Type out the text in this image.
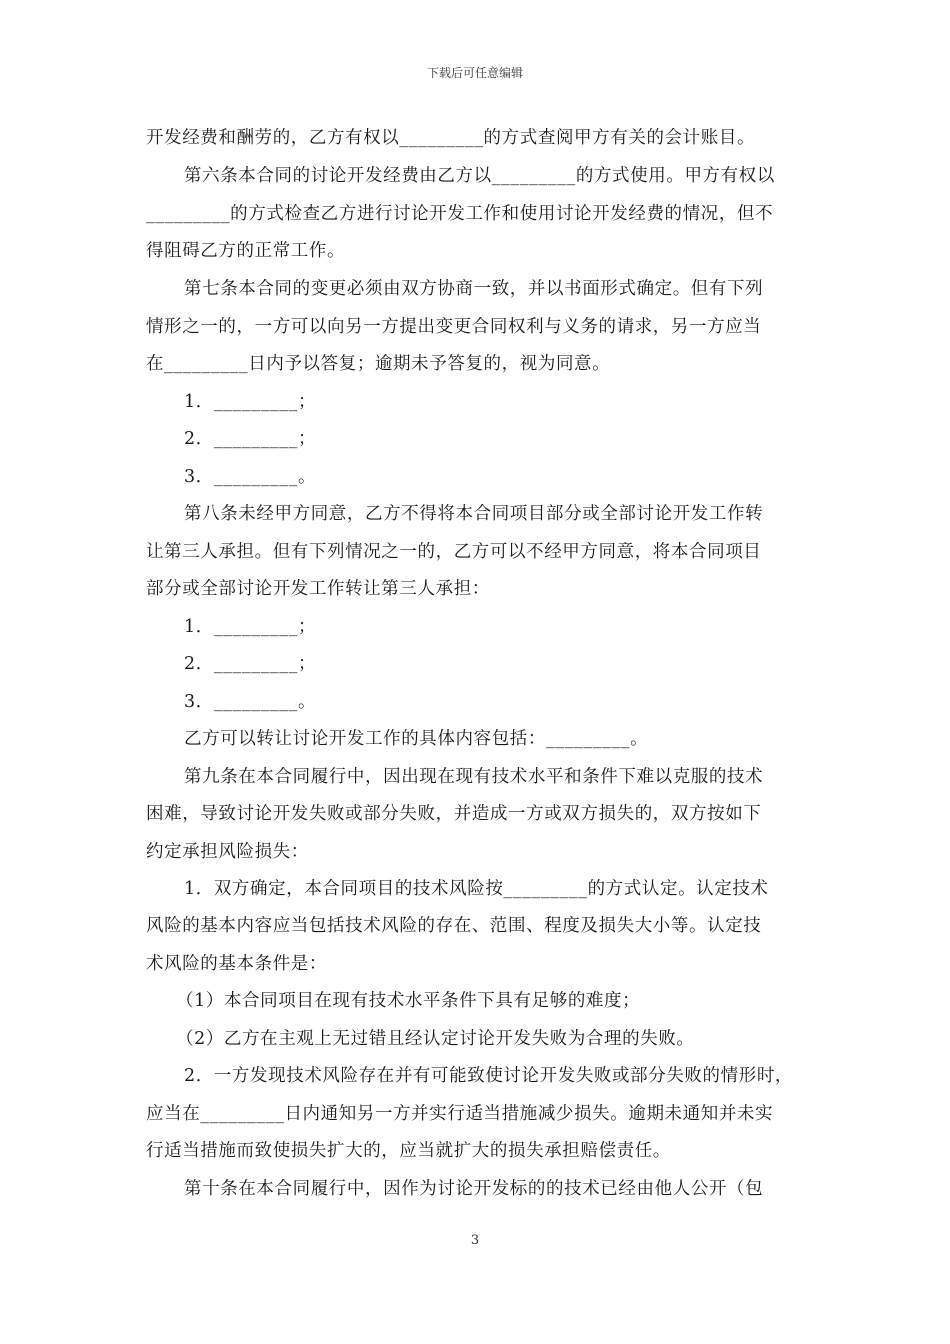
下载后可任意编辑
开发经费和酬劳的，乙方有权以_________的方式查阅甲方有关的会计账目。
第六条本合同的讨论开发经费由乙方以_________的方式使用。甲方有权以
_________的方式检查乙方进行讨论开发工作和使用讨论开发经费的情况，但不
得阻碍乙方的正常工作。
第七条本合同的变更必须由双方协商一致，并以书面形式确定。但有下列
情形之一的，一方可以向另一方提出变更合同权利与义务的请求，另一方应当
在_________日内予以答复；逾期未予答复的，视为同意。
1．_________；
2．_________；
3．_________。
第八条未经甲方同意，乙方不得将本合同项目部分或全部讨论开发工作转
让第三人承担。但有下列情况之一的，乙方可以不经甲方同意，将本合同项目
部分或全部讨论开发工作转让第三人承担：
1．_________；
2．_________；
3．_________。
乙方可以转让讨论开发工作的具体内容包括：_________。
第九条在本合同履行中，因出现在现有技术水平和条件下难以克服的技术
困难，导致讨论开发失败或部分失败，并造成一方或双方损失的，双方按如下
约定承担风险损失：
1．双方确定，本合同项目的技术风险按_________的方式认定。认定技术
风险的基本内容应当包括技术风险的存在、范围、程度及损失大小等。认定技
术风险的基本条件是：
（1）本合同项目在现有技术水平条件下具有足够的难度；
（2）乙方在主观上无过错且经认定讨论开发失败为合理的失败。
2．一方发现技术风险存在并有可能致使讨论开发失败或部分失败的情形时，
应当在_________日内通知另一方并实行适当措施减少损失。逾期未通知并未实
行适当措施而致使损失扩大的，应当就扩大的损失承担赔偿责任。
第十条在本合同履行中，因作为讨论开发标的的技术已经由他人公开（包
3
